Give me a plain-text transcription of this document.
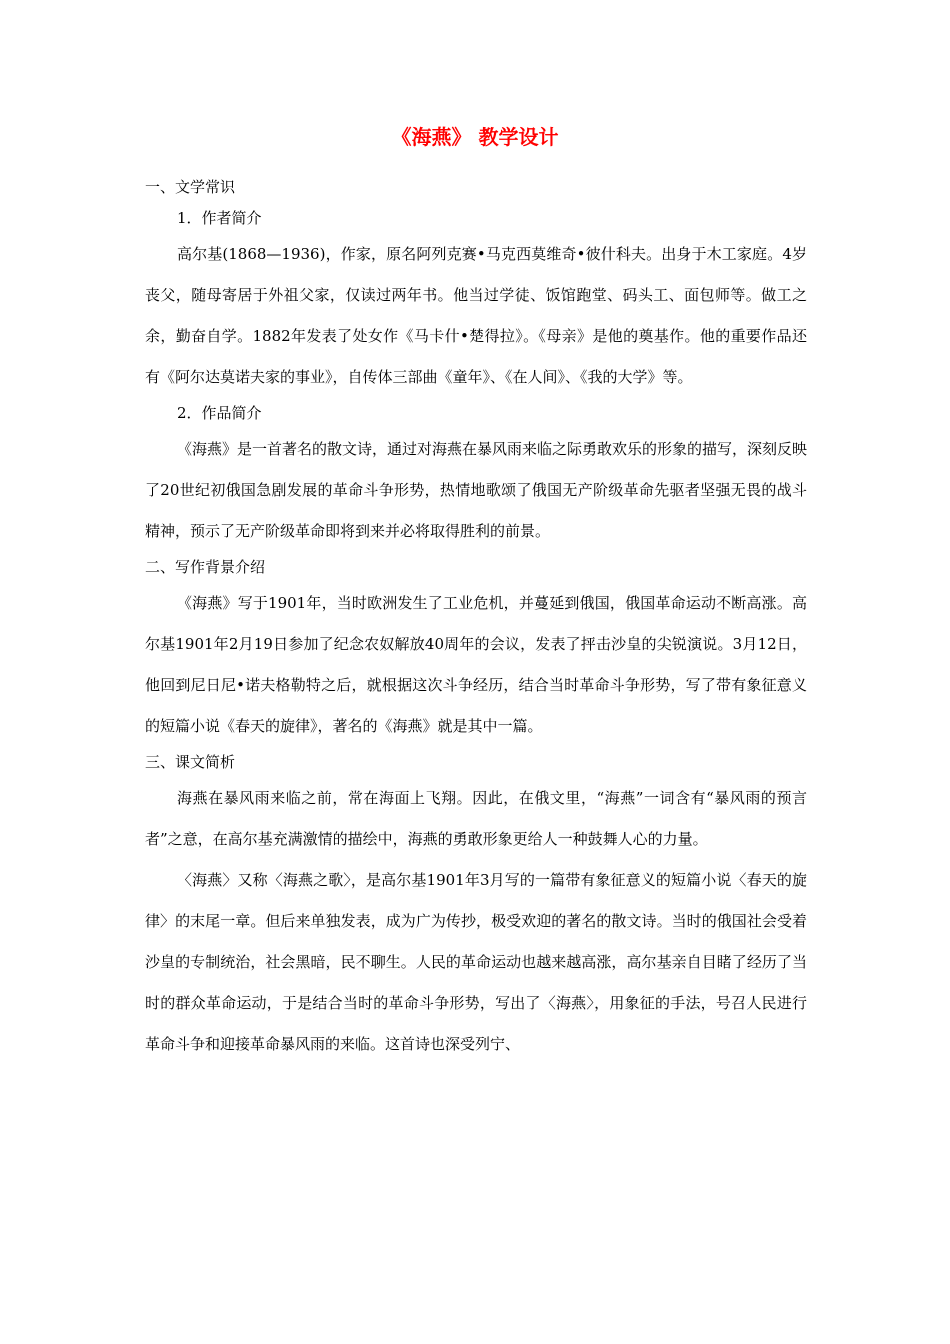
《海燕》 教学设计
一、文学常识
1．作者简介

高尔基(1868—1936)，作家，原名阿列克赛•马克西莫维奇•彼什科夫。出身于木工家庭。4岁丧父，随母寄居于外祖父家，仅读过两年书。他当过学徒、饭馆跑堂、码头工、面包师等。做工之余，勤奋自学。1882年发表了处女作《马卡什•楚得拉》。《母亲》是他的奠基作。他的重要作品还有《阿尔达莫诺夫家的事业》，自传体三部曲《童年》、《在人间》、《我的大学》等。

2．作品简介

《海燕》是一首著名的散文诗，通过对海燕在暴风雨来临之际勇敢欢乐的形象的描写，深刻反映了20世纪初俄国急剧发展的革命斗争形势，热情地歌颂了俄国无产阶级革命先驱者坚强无畏的战斗精神，预示了无产阶级革命即将到来并必将取得胜利的前景。

二、写作背景介绍

《海燕》写于1901年，当时欧洲发生了工业危机，并蔓延到俄国，俄国革命运动不断高涨。高尔基1901年2月19日参加了纪念农奴解放40周年的会议，发表了抨击沙皇的尖锐演说。3月12日，他回到尼日尼•诺夫格勒特之后，就根据这次斗争经历，结合当时革命斗争形势，写了带有象征意义的短篇小说《春天的旋律》，著名的《海燕》就是其中一篇。

三、课文简析

海燕在暴风雨来临之前，常在海面上飞翔。因此，在俄文里，“海燕”一词含有“暴风雨的预言者”之意，在高尔基充满激情的描绘中，海燕的勇敢形象更给人一种鼓舞人心的力量。

〈海燕〉又称〈海燕之歌〉，是高尔基1901年3月写的一篇带有象征意义的短篇小说〈春天的旋律〉的末尾一章。但后来单独发表，成为广为传抄，极受欢迎的著名的散文诗。当时的俄国社会受着沙皇的专制统治，社会黑暗，民不聊生。人民的革命运动也越来越高涨，高尔基亲自目睹了经历了当时的群众革命运动，于是结合当时的革命斗争形势，写出了〈海燕〉，用象征的手法，号召人民进行革命斗争和迎接革命暴风雨的来临。这首诗也深受列宁、
